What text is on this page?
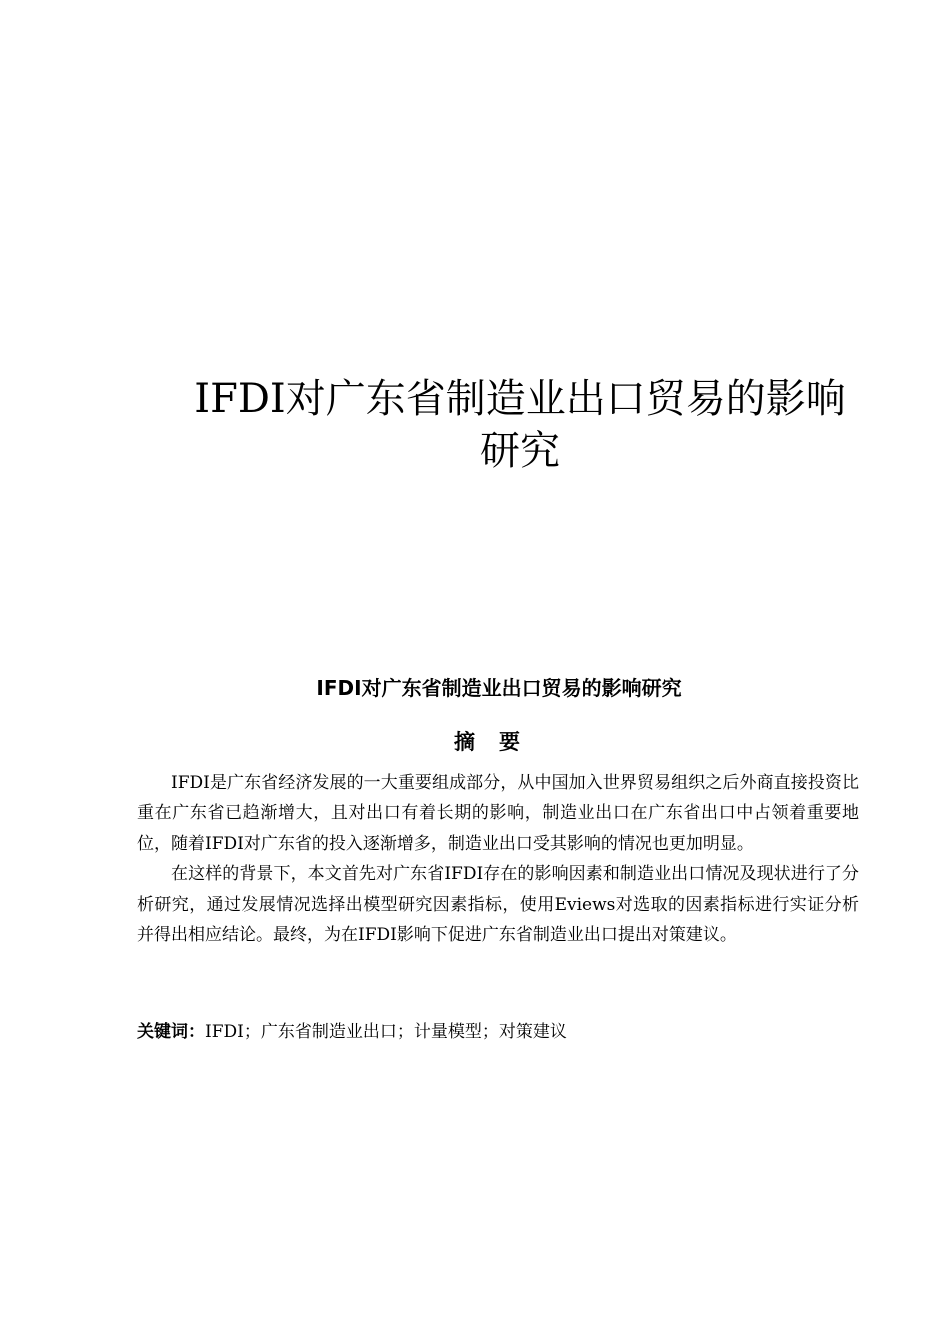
IFDI对广东省制造业出口贸易的影响
研究
IFDI对广东省制造业出口贸易的影响研究
摘要

IFDI是广东省经济发展的一大重要组成部分，从中国加入世界贸易组织之后外商直接投资比重在广东省已趋渐增大，且对出口有着长期的影响，制造业出口在广东省出口中占领着重要地位，随着IFDI对广东省的投入逐渐增多，制造业出口受其影响的情况也更加明显。

在这样的背景下，本文首先对广东省IFDI存在的影响因素和制造业出口情况及现状进行了分析研究，通过发展情况选择出模型研究因素指标，使用Eviews对选取的因素指标进行实证分析并得出相应结论。最终，为在IFDI影响下促进广东省制造业出口提出对策建议。

关键词：IFDI；广东省制造业出口；计量模型；对策建议
